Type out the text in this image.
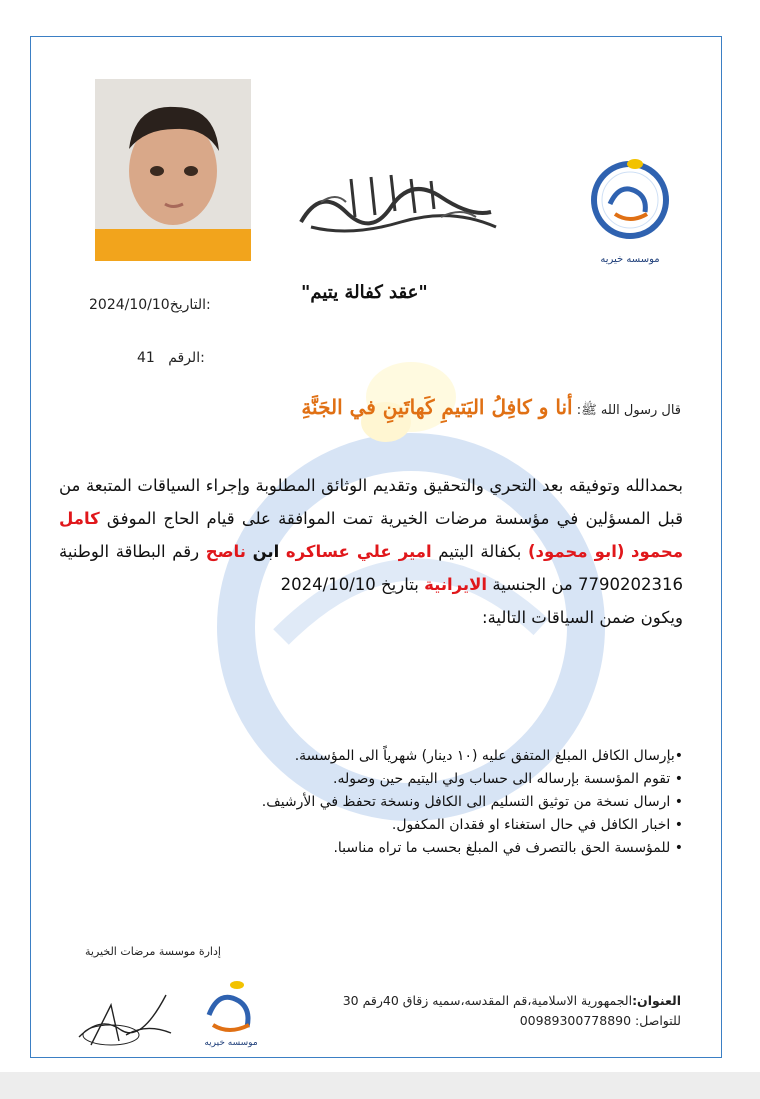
موسسه خيريه
"عقد كفالة يتيم"
2024/10/10التاريخ:
41 الرقم:
قال رسول الله ﷺ: أنا و كافِلُ اليَتيمِ كَهاتَينِ في الجَنَّةِ
بحمدالله وتوفيقه بعد التحري والتحقيق وتقديم الوثائق المطلوبة وإجراء السياقات المتبعة من قبل المسؤلين في مؤسسة مرضات الخيرية تمت الموافقة على قيام الحاج الموفق كامل محمود (ابو محمود) بكفالة اليتيم امير علي عساكره ابن ناصح رقم البطاقة الوطنية 7790202316 من الجنسية الايرانية بتاريخ 2024/10/10
ويكون ضمن السياقات التالية:
•بإرسال الكافل المبلغ المتفق عليه (١٠ دينار) شهرياً الى المؤسسة.
• تقوم المؤسسة بإرساله الى حساب ولي اليتيم حين وصوله.
• ارسال نسخة من توثيق التسليم الى الكافل ونسخة تحفظ في الأرشيف.
• اخبار الكافل في حال استغناء او فقدان المكفول.
• للمؤسسة الحق بالتصرف في المبلغ بحسب ما تراه مناسبا.
إدارة موسسة مرضات الخيرية
موسسه خيريه
العنوان:الجمهورية الاسلامية،قم المقدسه،سميه زقاق 40رقم 30
للتواصل: 00989300778890
